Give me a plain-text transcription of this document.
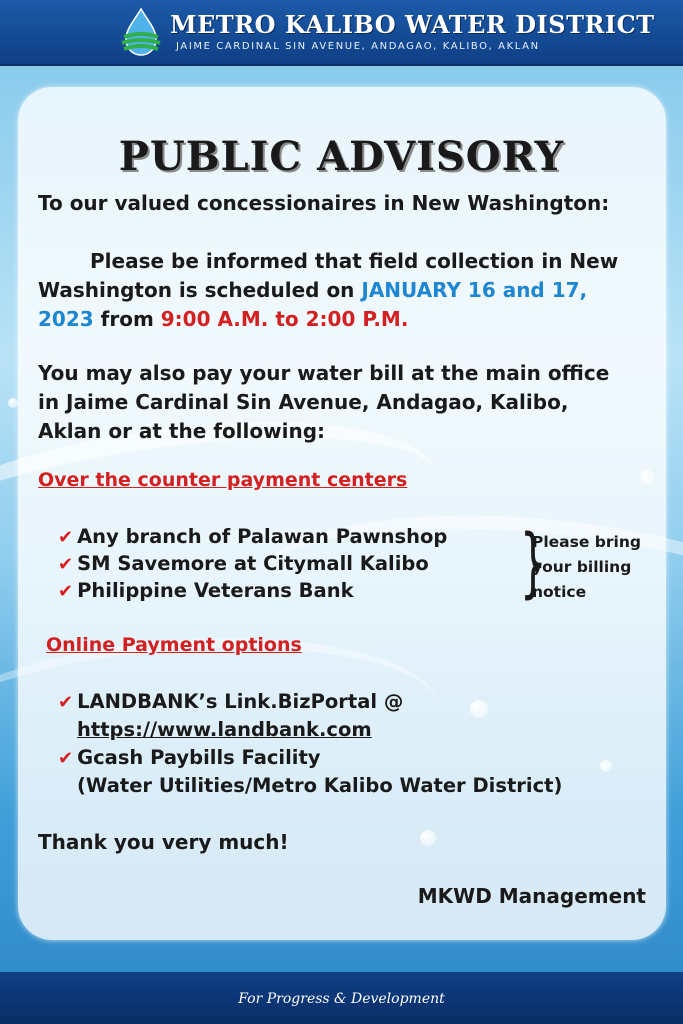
METRO KALIBO WATER DISTRICT
JAIME CARDINAL SIN AVENUE, ANDAGAO, KALIBO, AKLAN
PUBLIC ADVISORY
To our valued concessionaires in New Washington:
Please be informed that field collection in New
Washington is scheduled on JANUARY 16 and 17,
2023 from 9:00 A.M. to 2:00 P.M.
You may also pay your water bill at the main office
in Jaime Cardinal Sin Avenue, Andagao, Kalibo,
Aklan or at the following:
Over the counter payment centers
✔ Any branch of Palawan Pawnshop
✔ SM Savemore at Citymall Kalibo
✔ Philippine Veterans Bank }
Please bring
your billing
notice
Online Payment options
✔ LANDBANK’s Link.BizPortal @
https://www.landbank.com
✔ Gcash Paybills Facility
(Water Utilities/Metro Kalibo Water District)
Thank you very much!
MKWD Management
For Progress & Development
